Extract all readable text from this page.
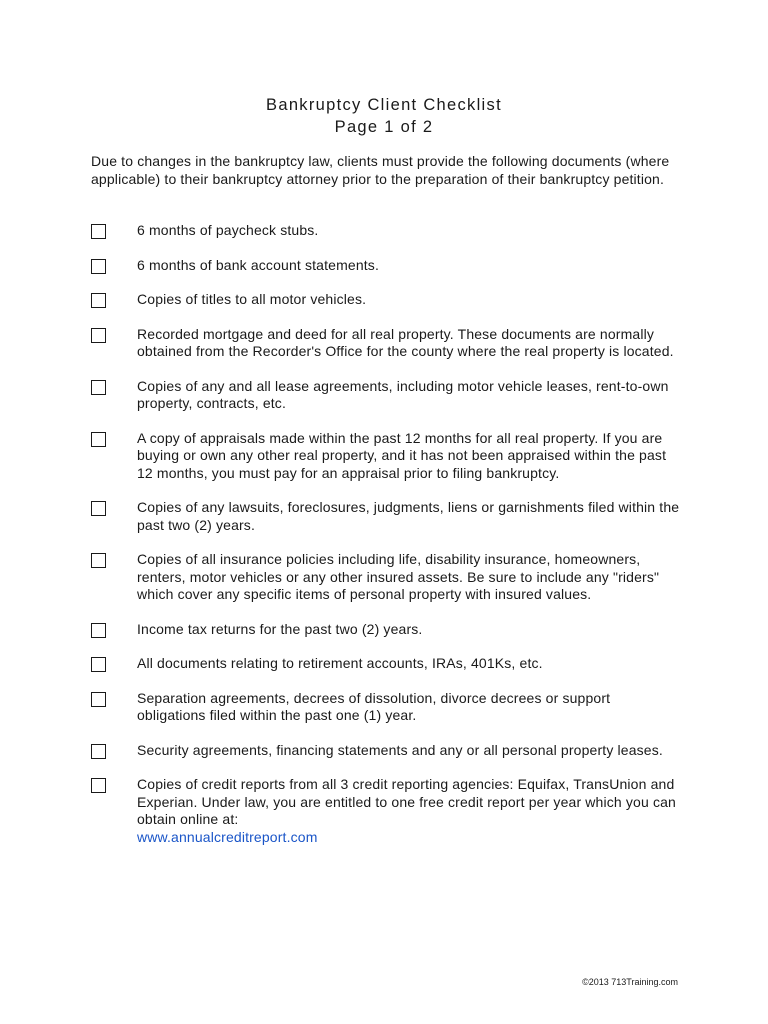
Bankruptcy Client Checklist
Page 1 of 2
Due to changes in the bankruptcy law, clients must provide the following documents (where applicable) to their bankruptcy attorney prior to the preparation of their bankruptcy petition.
6 months of paycheck stubs.
6 months of bank account statements.
Copies of titles to all motor vehicles.
Recorded mortgage and deed for all real property. These documents are normally obtained from the Recorder's Office for the county where the real property is located.
Copies of any and all lease agreements, including motor vehicle leases, rent-to-own property, contracts, etc.
A copy of appraisals made within the past 12 months for all real property. If you are buying or own any other real property, and it has not been appraised within the past 12 months, you must pay for an appraisal prior to filing bankruptcy.
Copies of any lawsuits, foreclosures, judgments, liens or garnishments filed within the past two (2) years.
Copies of all insurance policies including life, disability insurance, homeowners, renters, motor vehicles or any other insured assets. Be sure to include any "riders" which cover any specific items of personal property with insured values.
Income tax returns for the past two (2) years.
All documents relating to retirement accounts, IRAs, 401Ks, etc.
Separation agreements, decrees of dissolution, divorce decrees or support obligations filed within the past one (1) year.
Security agreements, financing statements and any or all personal property leases.
Copies of credit reports from all 3 credit reporting agencies: Equifax, TransUnion and Experian. Under law, you are entitled to one free credit report per year which you can obtain online at:
www.annualcreditreport.com
©2013 713Training.com
